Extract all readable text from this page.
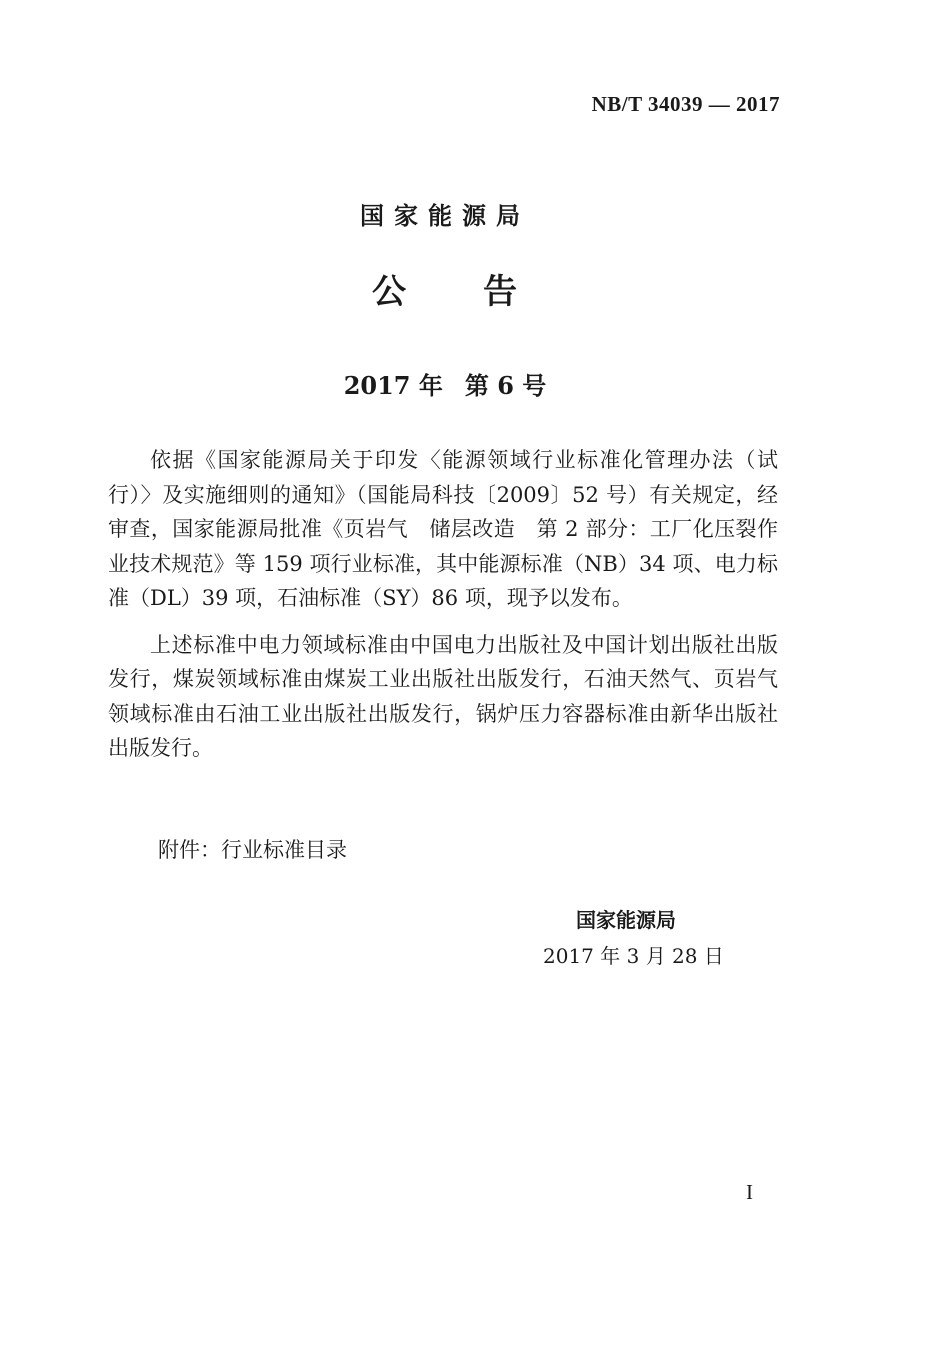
NB/T 34039 — 2017
国家能源局
公 告
2017 年 第 6 号

依据《国家能源局关于印发〈能源领域行业标准化管理办法（试行）〉及实施细则的通知》（国能局科技〔2009〕52 号）有关规定，经审查，国家能源局批准《页岩气　储层改造　第 2 部分：工厂化压裂作业技术规范》等 159 项行业标准，其中能源标准（NB）34 项、电力标准（DL）39 项，石油标准（SY）86 项，现予以发布。

上述标准中电力领域标准由中国电力出版社及中国计划出版社出版发行，煤炭领域标准由煤炭工业出版社出版发行，石油天然气、页岩气领域标准由石油工业出版社出版发行，锅炉压力容器标准由新华出版社出版发行。

附件：行业标准目录
国家能源局
2017 年 3 月 28 日
I
